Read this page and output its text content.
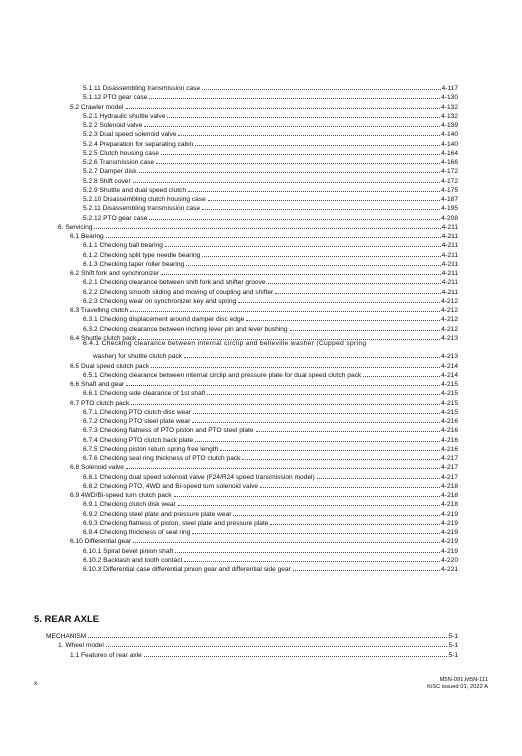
5.1.11 Disassembling transmission case	4-117
5.1.12 PTO gear case	4-130
5.2 Crawler model	4-132
5.2.1 Hydraulic shuttle valve	4-132
5.2.2 Solenoid valve	4-139
5.2.3 Dual speed solenoid valve	4-140
5.2.4 Preparation for separating cabin	4-140
5.2.5 Clutch housing case	4-164
5.2.6 Transmission case	4-166
5.2.7 Damper disk	4-172
5.2.8 Shift cover	4-172
5.2.9 Shuttle and dual speed clutch	4-175
5.2.10 Disassembling clutch housing case	4-187
5.2.11 Disassembling transmission case	4-195
5.2.12 PTO gear case	4-208
6. Servicing	4-211
6.1 Bearing	4-211
6.1.1 Checking ball bearing	4-211
6.1.2 Checking split type needle bearing	4-211
6.1.3 Checking taper roller bearing	4-211
6.2 Shift fork and synchronizer	4-211
6.2.1 Checking clearance between shift fork and shifter groove	4-211
6.2.2 Checking smooth sliding and moving of coupling and shifter	4-211
6.2.3 Checking wear on synchronizer key and spring	4-212
6.3 Travelling clutch	4-212
6.3.1 Checking displacement around damper disc edge	4-212
6.3.2 Checking clearance between inching lever pin and lever bushing	4-212
6.4 Shuttle clutch pack	4-213
6.4.1 Checking clearance between internal circlip and belleville washer (Cupped spring
washer) for shuttle clutch pack	4-213
6.5 Dual speed clutch pack	4-214
6.5.1 Checking clearance between internal circlip and pressure plate for dual speed clutch pack	4-214
6.6 Shaft and gear	4-215
6.6.1 Checking side clearance of 1st shaft	4-215
6.7 PTO clutch pack	4-215
6.7.1 Checking PTO clutch disc wear	4-215
6.7.2 Checking PTO steel plate wear	4-216
6.7.3 Checking flatness of PTO piston and PTO steel plate	4-216
6.7.4 Checking PTO clutch back plate	4-216
6.7.5 Checking piston return spring free length	4-216
6.7.6 Checking seal ring thickness of PTO clutch pack	4-217
6.8 Solenoid valve	4-217
6.8.1 Checking dual speed solenoid valve (F24/R24 speed transmission model)	4-217
6.8.2 Checking PTO, 4WD and Bi-speed turn solenoid valve	4-218
6.9 4WD/Bi-speed turn clutch pack	4-218
6.9.1 Checking clutch disk wear	4-218
6.9.2 Checking steel plate and pressure plate wear	4-219
6.9.3 Checking flatness of piston, steel plate and pressure plate	4-219
6.9.4 Checking thickness of seal ring	4-219
6.10 Differential gear	4-219
6.10.1 Spiral bevel pinion shaft	4-219
6.10.2 Backlash and tooth contact	4-220
6.10.3 Differential case differential pinion gear and differential side gear	4-221
5. REAR AXLE
MECHANISM	5-1
1. Wheel model	5-1
1.1 Features of rear axle	5-1
x	M5N-091,M5N-111
KiSC issued 01, 2022 A
